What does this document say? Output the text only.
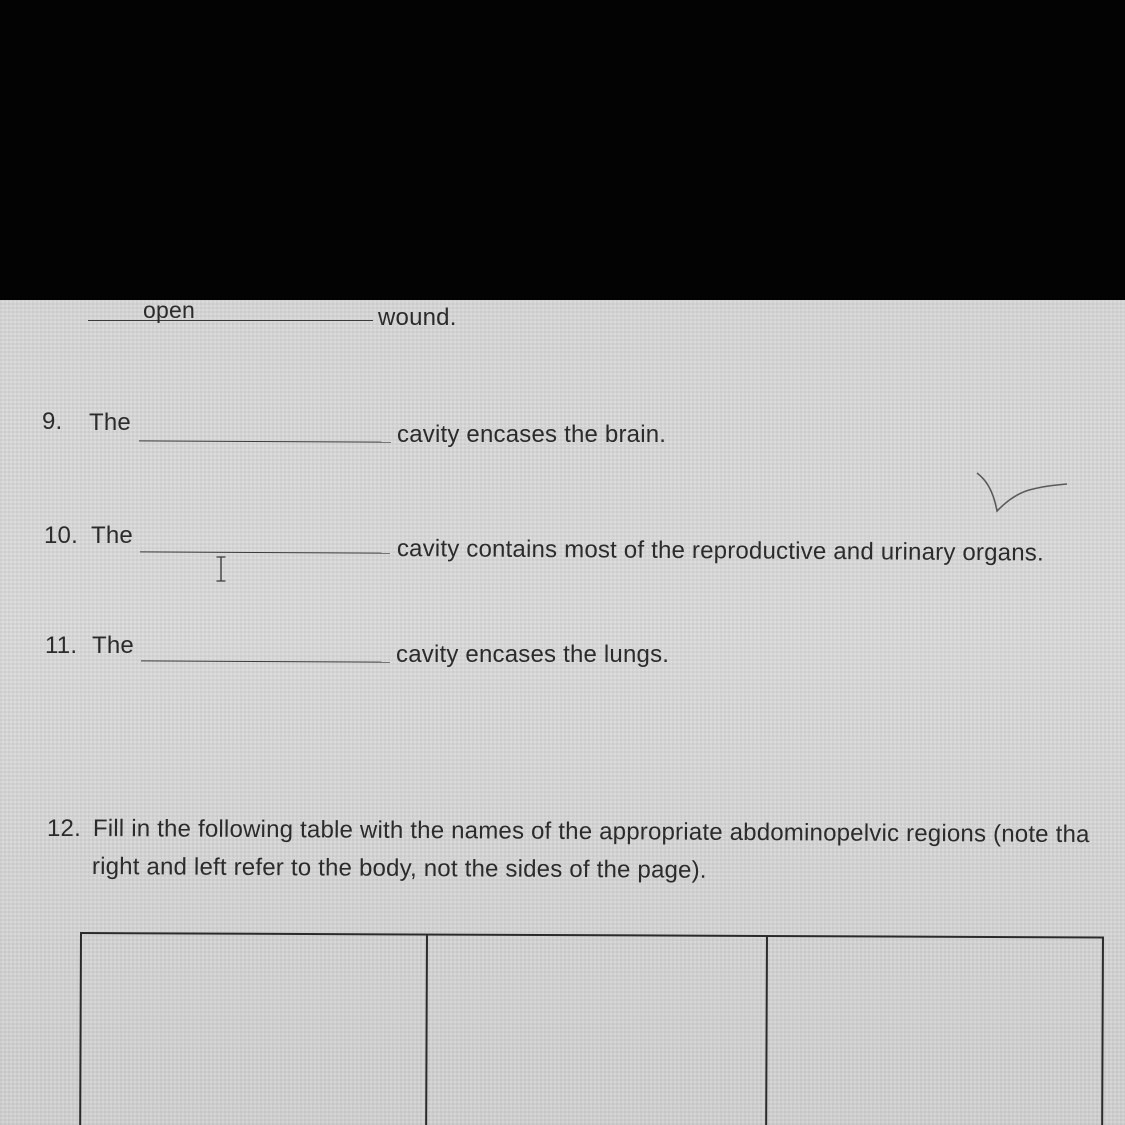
open	wound.
9. The	cavity encases the brain.
10. The	cavity contains most of the reproductive and urinary organs.
11. The	cavity encases the lungs.
12. Fill in the following table with the names of the appropriate abdominopelvic regions (note tha
right and left refer to the body, not the sides of the page).
